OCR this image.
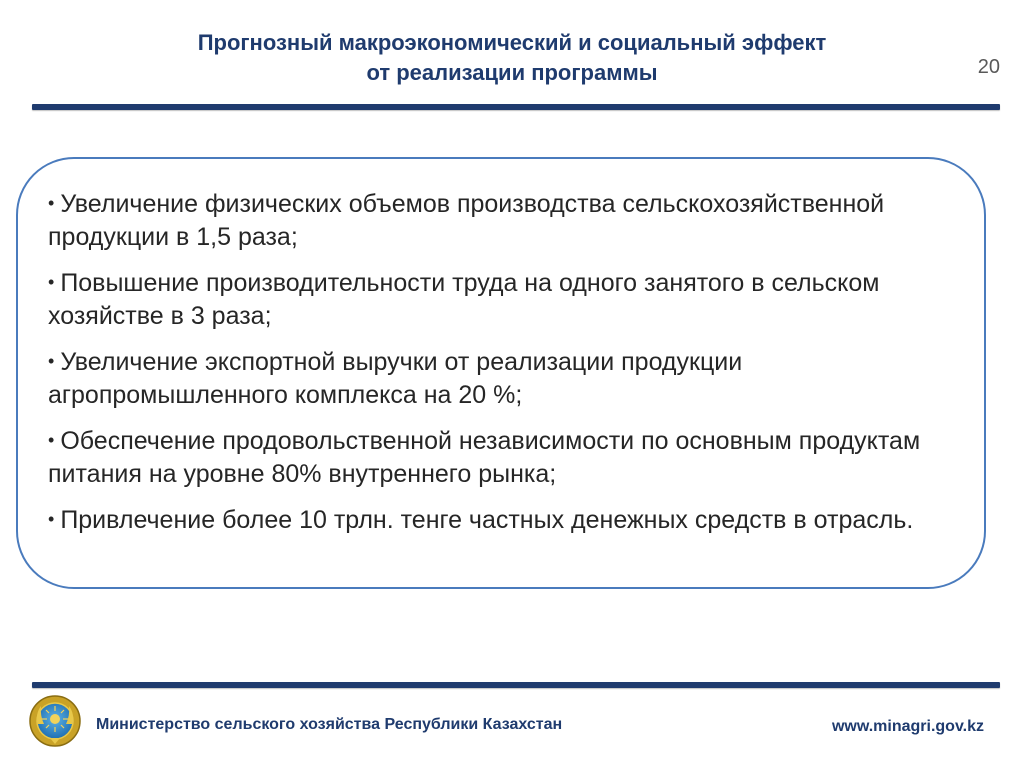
Прогнозный макроэкономический и социальный эффект
от реализации программы	20
• Увеличение физических объемов производства сельскохозяйственной продукции в 1,5 раза;
• Повышение производительности труда на одного занятого в сельском хозяйстве в 3 раза;
• Увеличение экспортной выручки от реализации продукции агропромышленного комплекса на 20 %;
• Обеспечение продовольственной независимости по основным продуктам питания на уровне 80% внутреннего рынка;
• Привлечение более 10 трлн. тенге частных денежных средств в отрасль.
Министерство сельского хозяйства Республики Казахстан	www.minagri.gov.kz
